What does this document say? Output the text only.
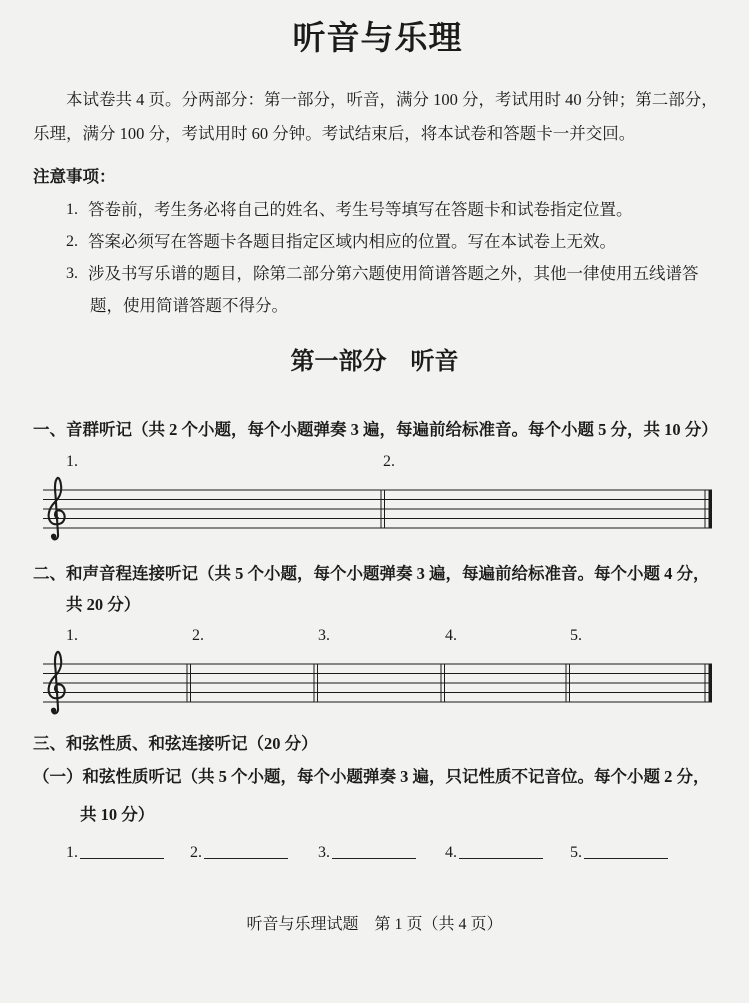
听音与乐理
本试卷共 4 页。分两部分：第一部分，听音，满分 100 分，考试用时 40 分钟；第二部分，
乐理，满分 100 分，考试用时 60 分钟。考试结束后，将本试卷和答题卡一并交回。
注意事项：
1. 答卷前，考生务必将自己的姓名、考生号等填写在答题卡和试卷指定位置。
2. 答案必须写在答题卡各题目指定区域内相应的位置。写在本试卷上无效。
3. 涉及书写乐谱的题目，除第二部分第六题使用简谱答题之外，其他一律使用五线谱答
题，使用简谱答题不得分。
第一部分　听音
一、音群听记（共 2 个小题，每个小题弹奏 3 遍，每遍前给标准音。每个小题 5 分，共 10 分）
1.	2.
二、和声音程连接听记（共 5 个小题，每个小题弹奏 3 遍，每遍前给标准音。每个小题 4 分，
共 20 分）
1.	2.	3.	4.	5.
三、和弦性质、和弦连接听记（20 分）
（一）和弦性质听记（共 5 个小题，每个小题弹奏 3 遍，只记性质不记音位。每个小题 2 分，
共 10 分）
1.	2.	3.	4.	5.
听音与乐理试题　第 1 页（共 4 页）
